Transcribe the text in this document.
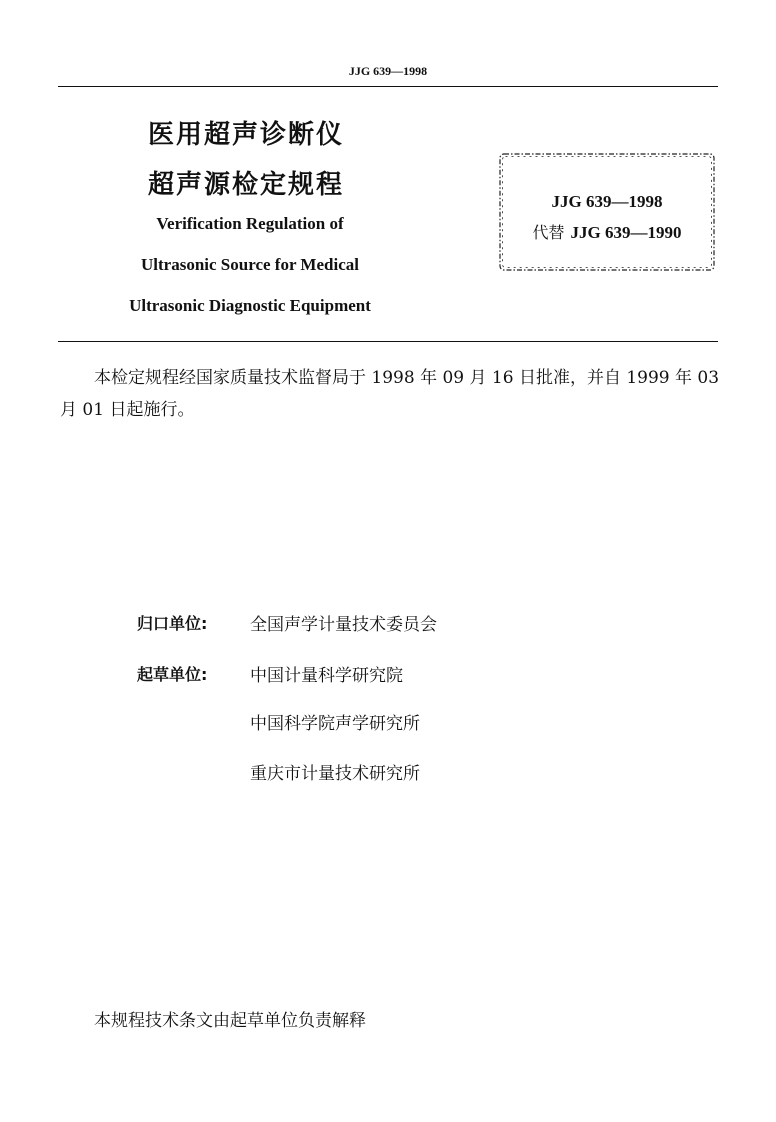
JJG 639—1998
医用超声诊断仪
超声源检定规程
Verification Regulation of
Ultrasonic Source for Medical
Ultrasonic Diagnostic Equipment
JJG 639—1998
代替 JJG 639—1990
本检定规程经国家质量技术监督局于 1998 年 09 月 16 日批准，并自 1999 年 03 月 01 日起施行。
归口单位:	全国声学计量技术委员会
起草单位:	中国计量科学研究院
中国科学院声学研究所
重庆市计量技术研究所
本规程技术条文由起草单位负责解释
